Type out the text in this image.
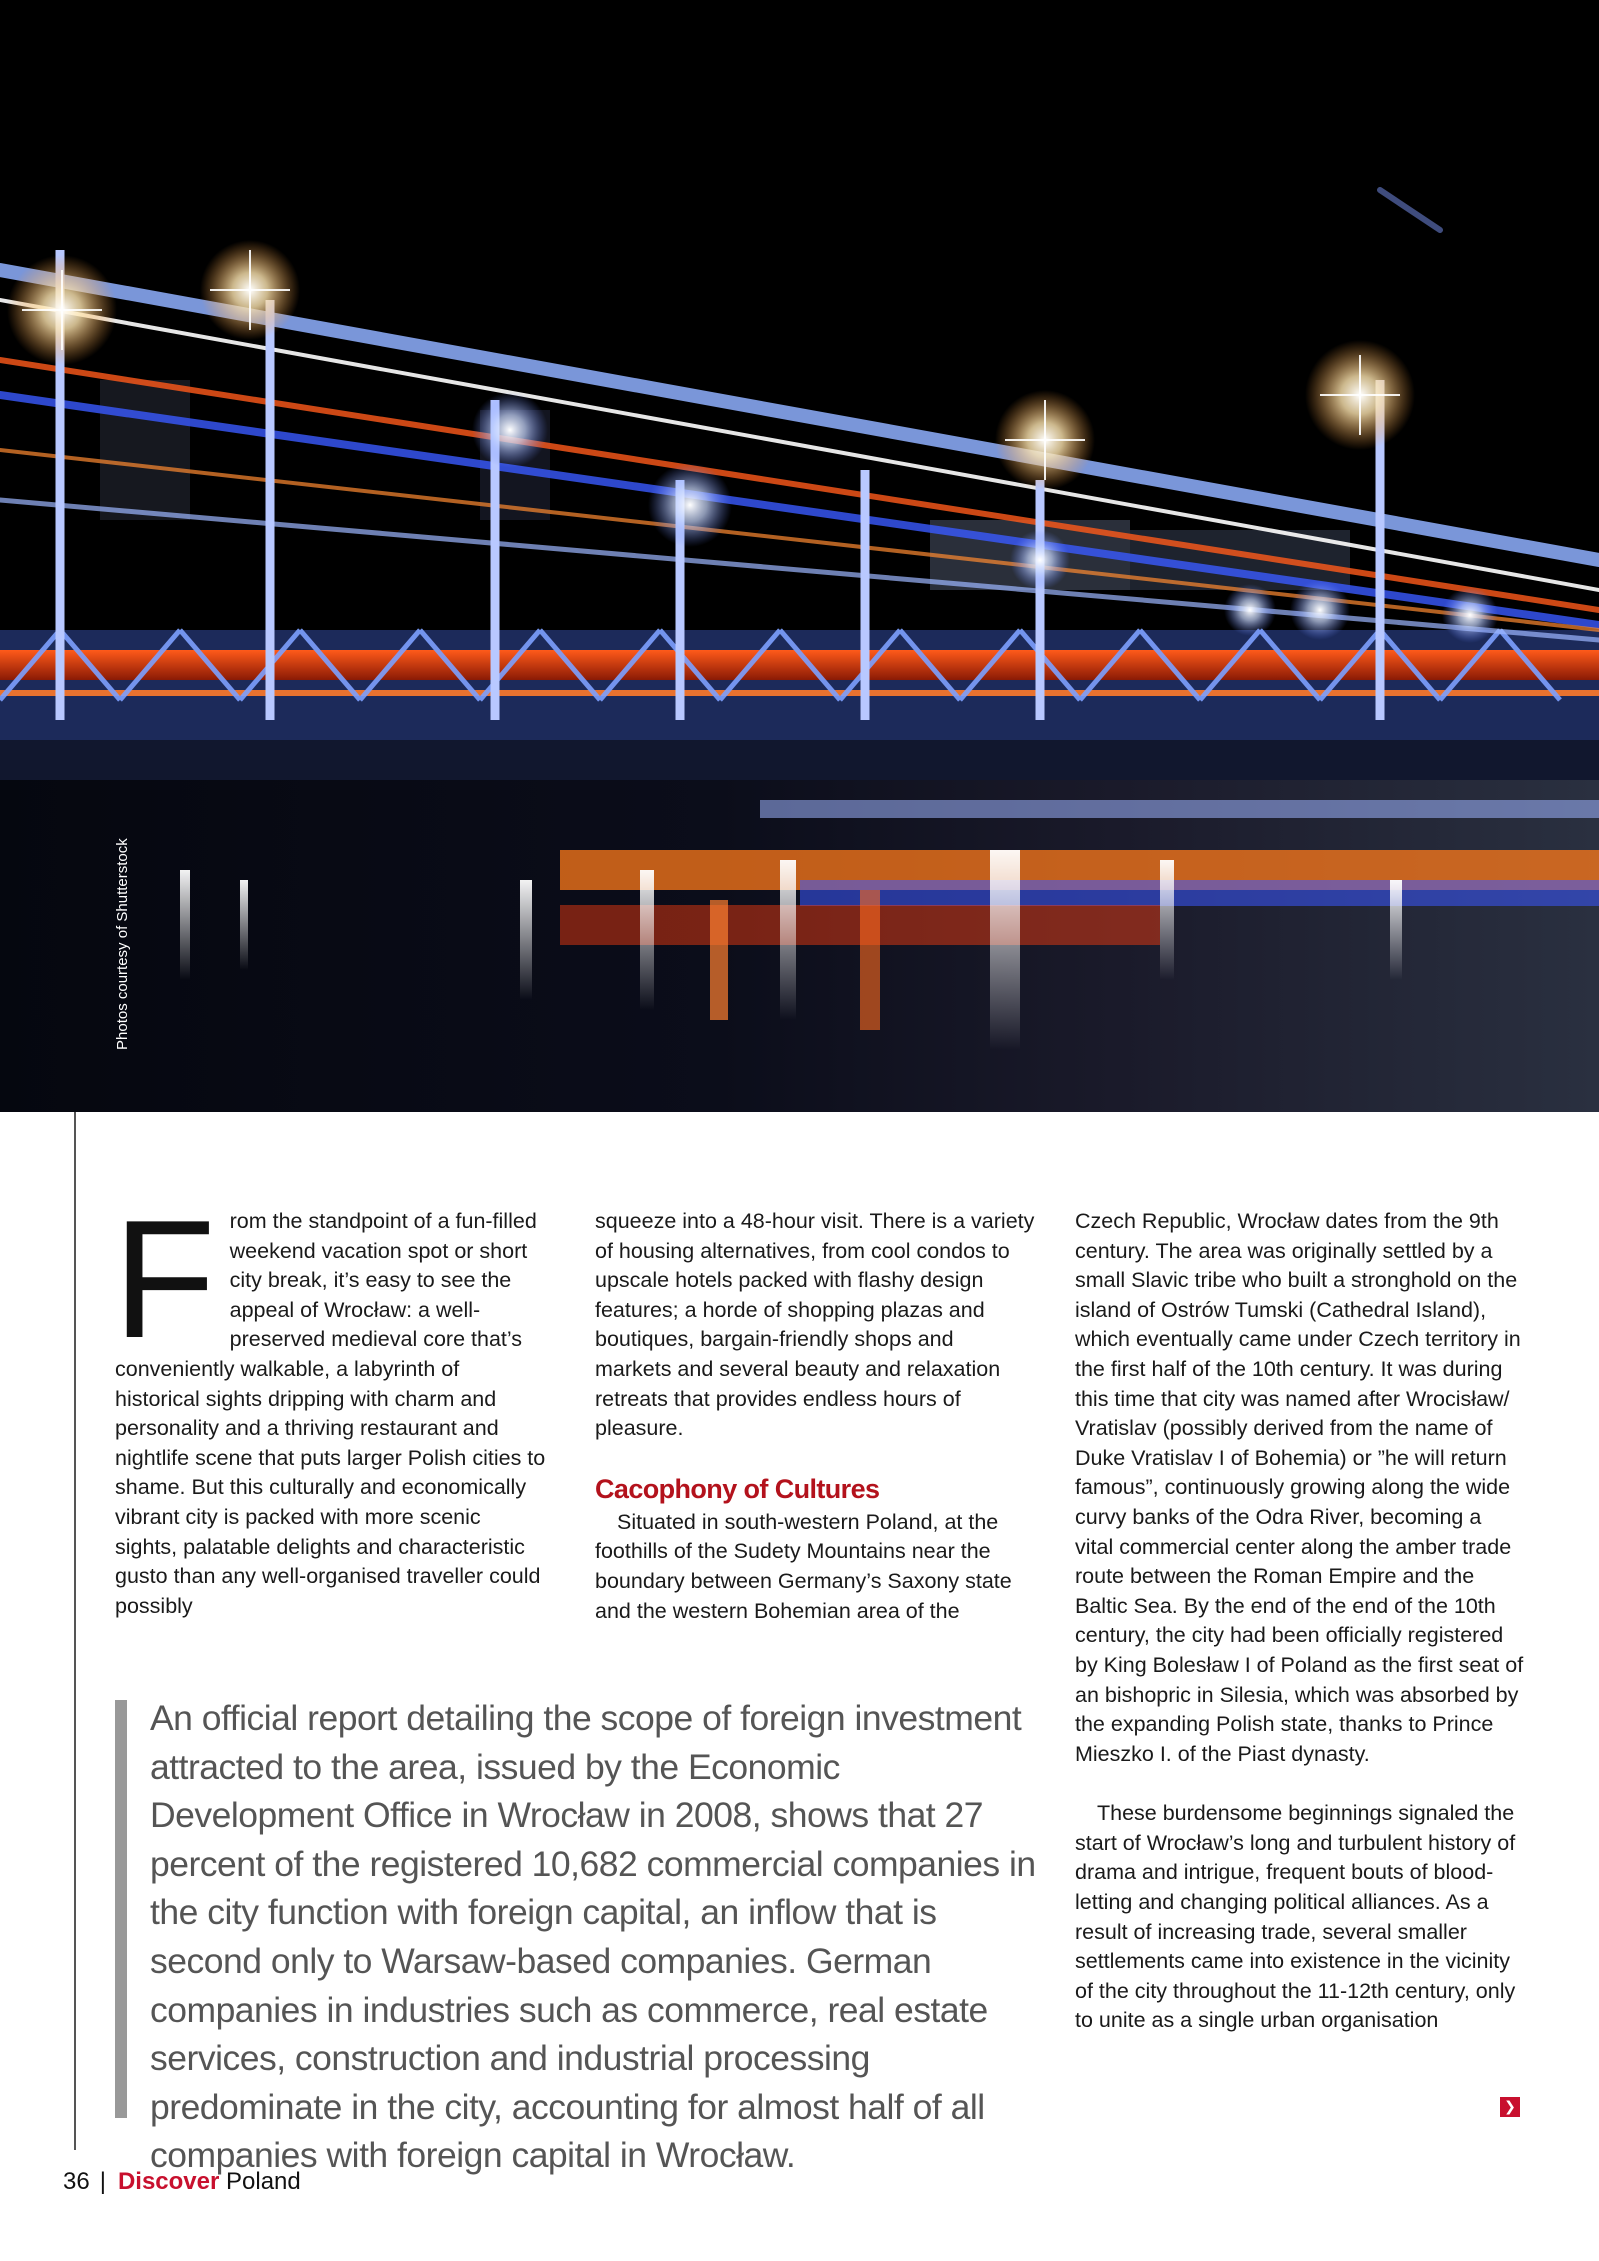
Photos courtesy of Shutterstock
F rom the standpoint of a fun-filled weekend vacation spot or short city break, it’s easy to see the appeal of Wrocław: a well-preserved medieval core that’s conveniently walkable, a labyrinth of historical sights dripping with charm and personality and a thriving restaurant and nightlife scene that puts larger Polish cities to shame. But this culturally and economically vibrant city is packed with more scenic sights, palatable delights and characteristic gusto than any well-organised traveller could possibly

squeeze into a 48-hour visit. There is a variety of housing alternatives, from cool condos to upscale hotels packed with flashy design features; a horde of shopping plazas and boutiques, bargain-friendly shops and markets and several beauty and relaxation retreats that provides endless hours of pleasure.

Cacophony of Cultures

Situated in south-western Poland, at the foothills of the Sudety Mountains near the boundary between Germany’s Saxony state and the western Bohemian area of the

Czech Republic, Wrocław dates from the 9th century. The area was originally settled by a small Slavic tribe who built a stronghold on the island of Ostrów Tumski (Cathedral Island), which eventually came under Czech territory in the first half of the 10th century. It was during this time that city was named after Wrocisław/ Vratislav (possibly derived from the name of Duke Vratislav I of Bohemia) or ”he will return famous”, continuously growing along the wide curvy banks of the Odra River, becoming a vital commercial center along the amber trade route between the Roman Empire and the Baltic Sea. By the end of the end of the 10th century, the city had been officially registered by King Bolesław I of Poland as the first seat of an bishopric in Silesia, which was absorbed by the expanding Polish state, thanks to Prince Mieszko I. of the Piast dynasty.

These burdensome beginnings signaled the start of Wrocław’s long and turbulent history of drama and intrigue, frequent bouts of blood-letting and changing political alliances. As a result of increasing trade, several smaller settlements came into existence in the vicinity of the city throughout the 11-12th century, only to unite as a single urban organisation

❯
An official report detailing the scope of foreign investment attracted to the area, issued by the Economic Development Office in Wrocław in 2008, shows that 27 percent of the registered 10,682 commercial companies in the city function with foreign capital, an inflow that is second only to Warsaw-based companies. German companies in industries such as commerce, real estate services, construction and industrial processing predominate in the city, accounting for almost half of all companies with foreign capital in Wrocław.
36 | Discover Poland
